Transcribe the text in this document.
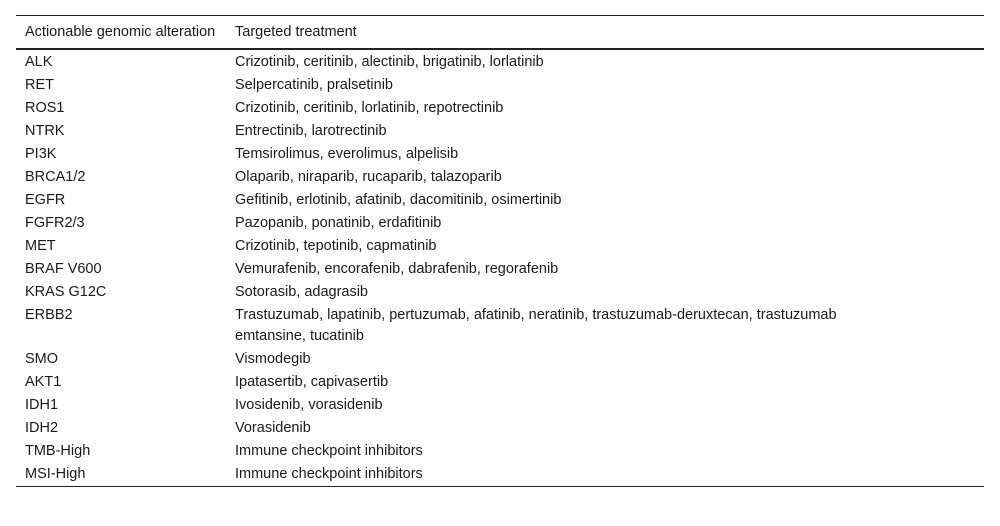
Actionable genomic alteration	Targeted treatment
ALK	Crizotinib, ceritinib, alectinib, brigatinib, lorlatinib
RET	Selpercatinib, pralsetinib
ROS1	Crizotinib, ceritinib, lorlatinib, repotrectinib
NTRK	Entrectinib, larotrectinib
PI3K	Temsirolimus, everolimus, alpelisib
BRCA1/2	Olaparib, niraparib, rucaparib, talazoparib
EGFR	Gefitinib, erlotinib, afatinib, dacomitinib, osimertinib
FGFR2/3	Pazopanib, ponatinib, erdafitinib
MET	Crizotinib, tepotinib, capmatinib
BRAF V600	Vemurafenib, encorafenib, dabrafenib, regorafenib
KRAS G12C	Sotorasib, adagrasib
ERBB2	Trastuzumab, lapatinib, pertuzumab, afatinib, neratinib, trastuzumab-deruxtecan, trastuzumab emtansine, tucatinib
SMO	Vismodegib
AKT1	Ipatasertib, capivasertib
IDH1	Ivosidenib, vorasidenib
IDH2	Vorasidenib
TMB-High	Immune checkpoint inhibitors
MSI-High	Immune checkpoint inhibitors
